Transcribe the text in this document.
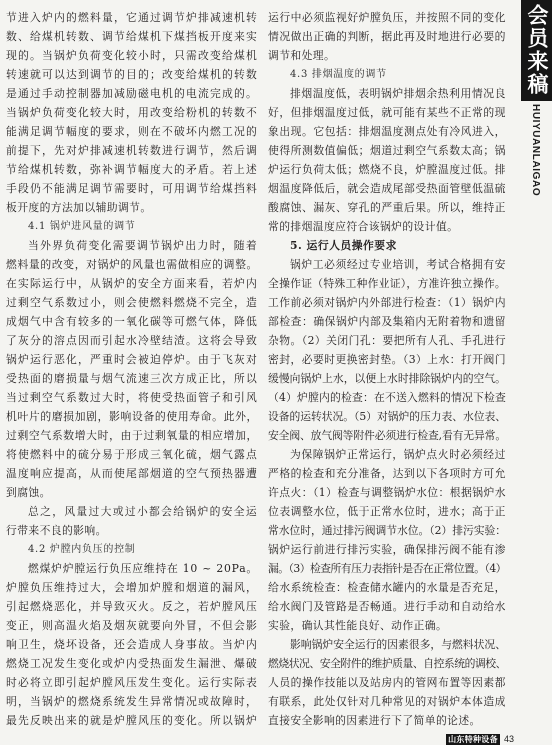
节进入炉内的燃料量，它通过调节炉排减速机转
数、给煤机转数、调节给煤机下煤挡板开度来实
现的。当锅炉负荷变化较小时，只需改变给煤机
转速就可以达到调节的目的；改变给煤机的转数
是通过手动控制器加减励磁电机的电流完成的。
当锅炉负荷变化较大时，用改变给粉机的转数不
能满足调节幅度的要求，则在不破坏内燃工况的
前提下，先对炉排减速机转数进行调节，然后调
节给煤机转数，弥补调节幅度大的矛盾。若上述
手段仍不能满足调节需要时，可用调节给煤挡料
板开度的方法加以辅助调节。
4.1 锅炉进风量的调节
当外界负荷变化需要调节锅炉出力时，随着
燃料量的改变，对锅炉的风量也需做相应的调整。
在实际运行中，从锅炉的安全方面来看，若炉内
过剩空气系数过小，则会使燃料燃烧不完全，造
成烟气中含有较多的一氧化碳等可燃气体，降低
了灰分的溶点因而引起水冷壁结渣。这将会导致
锅炉运行恶化，严重时会被迫停炉。由于飞灰对
受热面的磨损量与烟气流速三次方成正比，所以
当过剩空气系数过大时，将使受热面管子和引风
机叶片的磨损加剧，影响设备的使用寿命。此外，
过剩空气系数增大时，由于过剩氧量的相应增加，
将使燃料中的硫分易于形成三氧化硫，烟气露点
温度响应提高，从而使尾部烟道的空气预热器遭
到腐蚀。
总之，风量过大或过小都会给锅炉的安全运
行带来不良的影响。
4.2 炉膛内负压的控制
燃煤炉炉膛运行负压应维持在 10 ~ 20Pa。
炉膛负压维持过大，会增加炉膛和烟道的漏风，
引起燃烧恶化，并导致灭火。反之，若炉膛风压
变正，则高温火焰及烟灰就要向外冒，不但会影
响卫生，烧坏设备，还会造成人身事故。当炉内
燃烧工况发生变化或炉内受热面发生漏泄、爆破
时必将立即引起炉膛风压发生变化。运行实际表
明，当锅炉的燃烧系统发生异常情况或故障时，
最先反映出来的就是炉膛风压的变化。所以锅炉
运行中必须监视好炉膛负压，并按照不同的变化
情况做出正确的判断，据此再及时地进行必要的
调节和处理。
4.3 排烟温度的调节
排烟温度低，表明锅炉排烟余热利用情况良
好，但排烟温度过低，就可能有某些不正常的现
象出现。它包括：排烟温度测点处有冷风进入，
使得所测数值偏低；烟道过剩空气系数太高；锅
炉运行负荷太低；燃烧不良，炉膛温度过低。排
烟温度降低后，就会造成尾部受热面管壁低温硫
酸腐蚀、漏灰、穿孔的严重后果。所以，维持正
常的排烟温度应符合该锅炉的设计值。
5. 运行人员操作要求
锅炉工必须经过专业培训，考试合格拥有安
全操作证（特殊工种作业证），方准许独立操作。
工作前必须对锅炉内外部进行检查：（1）锅炉内
部检查：确保锅炉内部及集箱内无附着物和遗留
杂物。（2）关闭门孔：要把所有人孔、手孔进行
密封，必要时更换密封垫。（3）上水：打开阀门
缓慢向锅炉上水，以便上水时排除锅炉内的空气。
（4）炉膛内的检查：在不送入燃料的情况下检查
设备的运转状况。（5）对锅炉的压力表、水位表、
安全阀、放气阀等附件必须进行检查,看有无异常。
为保障锅炉正常运行，锅炉点火时必须经过
严格的检查和充分准备，达到以下各项时方可允
许点火：（1）检查与调整锅炉水位：根据锅炉水
位表调整水位，低于正常水位时，进水；高于正
常水位时，通过排污阀调节水位。（2）排污实验：
锅炉运行前进行排污实验，确保排污阀不能有渗
漏。（3）检查所有压力表指针是否在正常位置。（4）
给水系统检查：检查储水罐内的水量是否充足，
给水阀门及管路是否畅通。进行手动和自动给水
实验，确认其性能良好、动作正确。
影响锅炉安全运行的因素很多，与燃料状况、
燃烧状况、安全附件的维护质量、自控系统的调校、
人员的操作技能以及站房内的管网布置等因素都
有联系，此处仅针对几种常见的对锅炉本体造成
直接安全影响的因素进行下了简单的论述。
会员来稿
HUIYUANLAIGAO
山东特种设备 43
